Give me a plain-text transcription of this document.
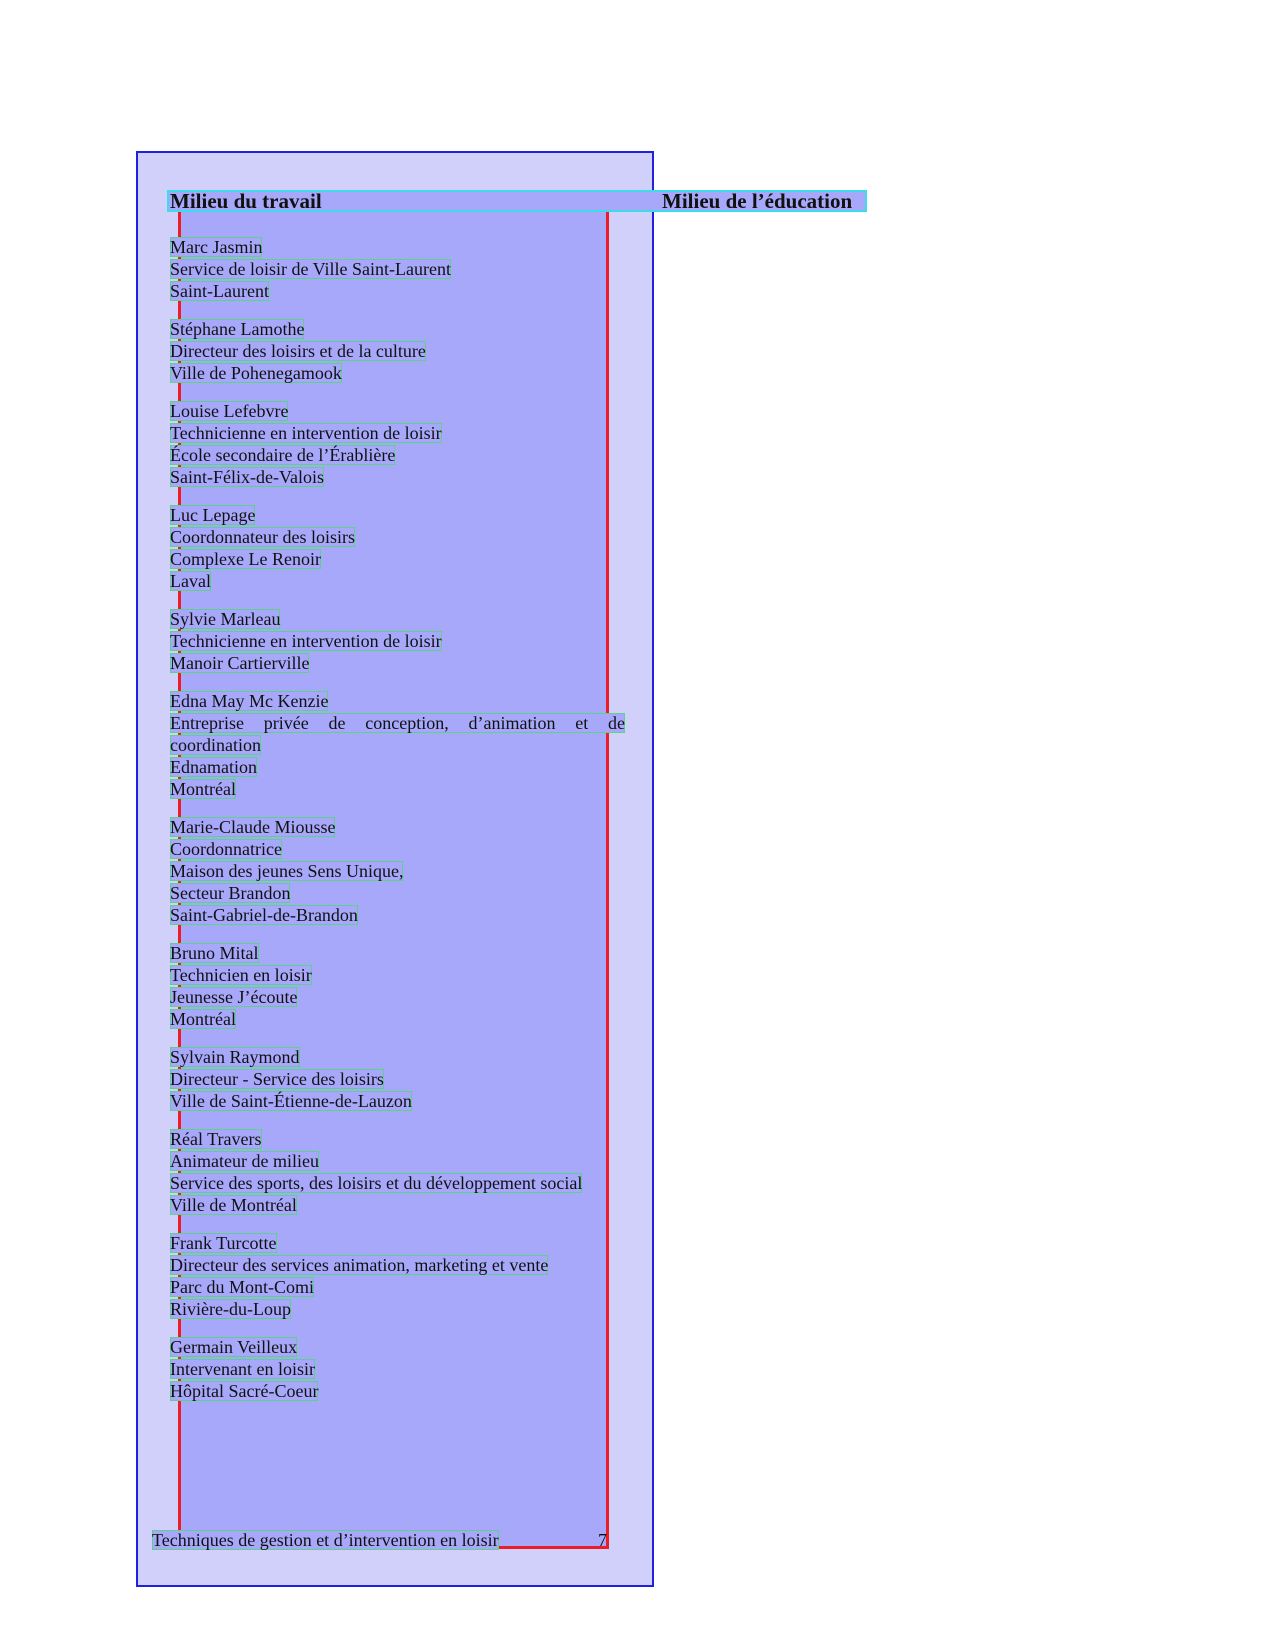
Milieu du travail	Milieu de l’éducation
Marc Jasmin
Service de loisir de Ville Saint-Laurent
Saint-Laurent
Stéphane Lamothe
Directeur des loisirs et de la culture
Ville de Pohenegamook
Louise Lefebvre
Technicienne en intervention de loisir
École secondaire de l’Érablière
Saint-Félix-de-Valois
Luc Lepage
Coordonnateur des loisirs
Complexe Le Renoir
Laval
Sylvie Marleau
Technicienne en intervention de loisir
Manoir Cartierville
Edna May Mc Kenzie
Entreprise privée de conception, d’animation et de coordination
Ednamation
Montréal
Marie-Claude Miousse
Coordonnatrice
Maison des jeunes Sens Unique,
Secteur Brandon
Saint-Gabriel-de-Brandon
Bruno Mital
Technicien en loisir
Jeunesse J’écoute
Montréal
Sylvain Raymond
Directeur - Service des loisirs
Ville de Saint-Étienne-de-Lauzon
Réal Travers
Animateur de milieu
Service des sports, des loisirs et du développement social
Ville de Montréal
Frank Turcotte
Directeur des services animation, marketing et vente
Parc du Mont-Comi
Rivière-du-Loup
Germain Veilleux
Intervenant en loisir
Hôpital Sacré-Coeur
Techniques de gestion et d’intervention en loisir	7
